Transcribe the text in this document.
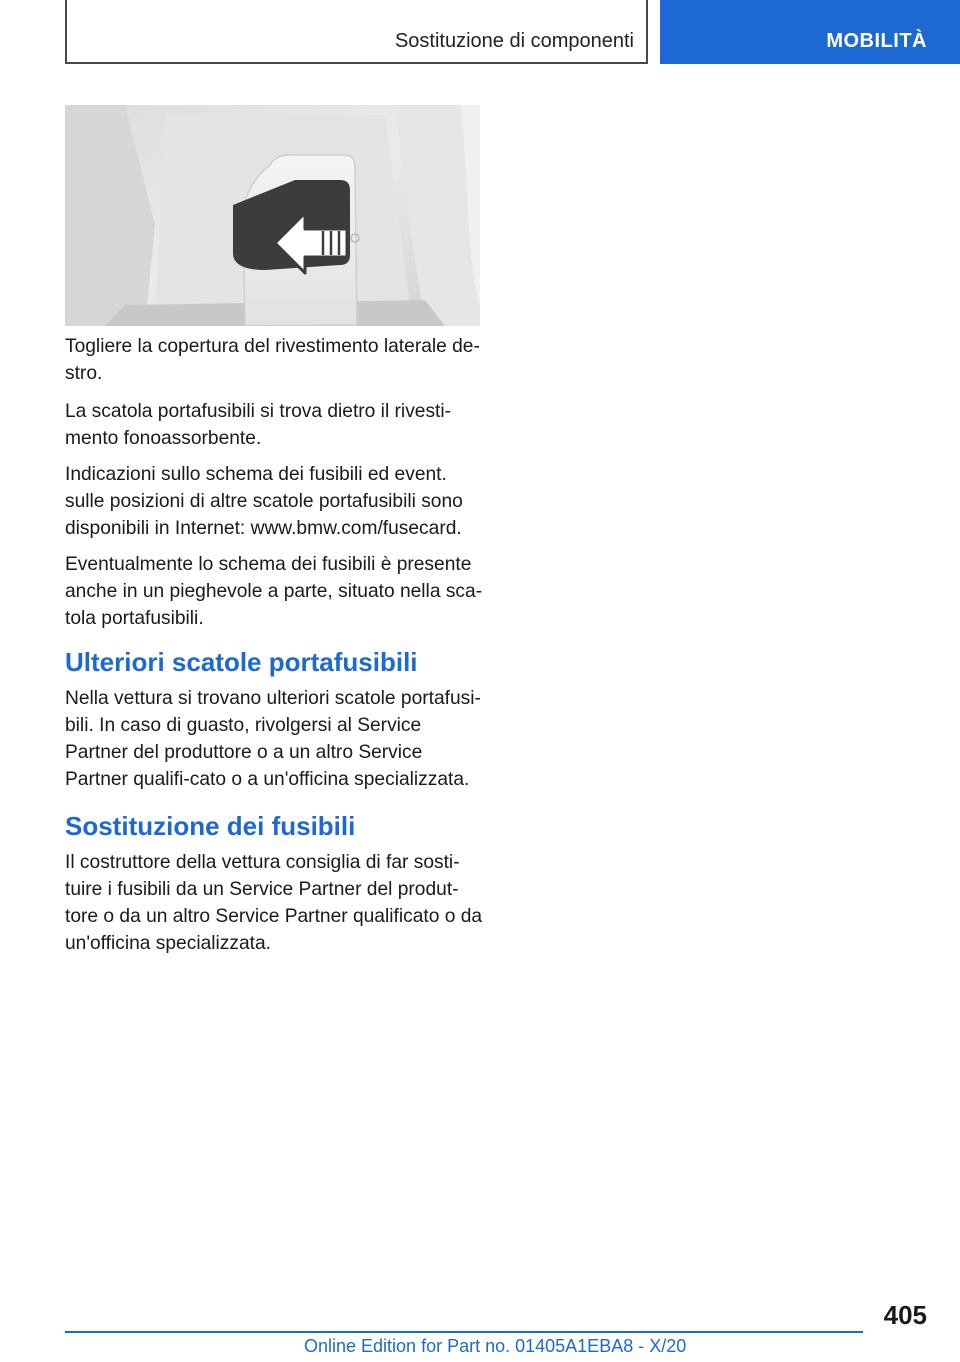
Sostituzione di componenti	MOBILITÀ

Togliere la copertura del rivestimento laterale de-stro.

La scatola portafusibili si trova dietro il rivesti-mento fonoassorbente.

Indicazioni sullo schema dei fusibili ed event. sulle posizioni di altre scatole portafusibili sono disponibili in Internet: www.bmw.com/fusecard.

Eventualmente lo schema dei fusibili è presente anche in un pieghevole a parte, situato nella sca-tola portafusibili.

Ulteriori scatole portafusibili

Nella vettura si trovano ulteriori scatole portafusi-bili. In caso di guasto, rivolgersi al Service Partner del produttore o a un altro Service Partner qualifi-cato o a un'officina specializzata.

Sostituzione dei fusibili

Il costruttore della vettura consiglia di far sosti-tuire i fusibili da un Service Partner del produt-tore o da un altro Service Partner qualificato o da un'officina specializzata.

405
Online Edition for Part no. 01405A1EBA8 - X/20
